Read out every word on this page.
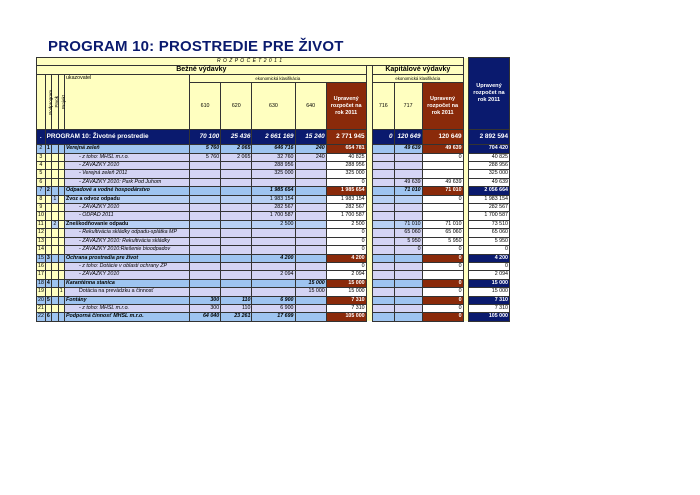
PROGRAM 10: PROSTREDIE PRE ŽIVOT
R O Z P O Č E T 2 0 1 1															Upravený rozpočet na rok 2011
Bežné výdavky											Kapitálové výdavky				

	Podprogram	Prvok	Projekt	ukazovatel	ekonomická klasifikácia						ekonomická klasifikácia				
					610	620	630	640	Upravený rozpočet na rok 2011		716	717	Upravený rozpočet na rok 2011		
.	PROGRAM 10: Životné prostredie				70 100	25 436	2 661 169	15 240	2 771 945		0	120 649	120 649		2 892 594
2	1			Verejná zeleň	5 760	2 065	646 716	240	654 781			49 639	49 639		704 420
3				- z toho: MHSL m.r.o.	5 760	2 065	32 760	240	40 825				0		40 825
4				- ZÁVAZKY 2010			288 956		288 956						288 956
5				- Verejná zeleň 2011			325 000		325 000						325 000
6				- ZÁVAZKY 2010: Park Pod Juhom					0			49 639	49 639		49 639
7	2			Odpadové a vodné hospodárstvo			1 985 654		1 985 654			71 010	71 010		2 056 664
8		1		Zvoz a odvoz odpadu			1 983 154		1 983 154				0		1 983 154
9				- ZÁVAZKY 2010			282 567		282 567						282 567
10				- ODPAD 2011			1 700 587		1 700 587						1 700 587
11		2		Zneškodňovanie odpadu			2 500		2 500			71 010	71 010		73 510
12				- Rekultivácia skládky odpadu-splátka MP					0			65 060	65 060		65 060
13				- ZÁVAZKY 2010: Rekultivácia skládky					0			5 950	5 950		5 950
14				- ZÁVAZKY 2010:Riešenie bioodpadov					0			0	0		0
15	3			Ochrana prostredia pre život			4 200		4 200				0		4 200
16				- z toho: Dotácie v oblasti ochrany ŽP					0				0		0
17				- ZÁVAZKY 2010			2 094		2 094						2 094
18	4			Karanténna stanica				15 000	15 000				0		15 000
19			1	Dotácia na prevádzku a činnosť				15 000	15 000				0		15 000
20	5			Fontány	300	110	6 900		7 310				0		7 310
21				- z toho: MHSL m.r.o.	300	110	6 900		7 310				0		7 310
22	6			Podporná činnosť MHSL m.r.o.	64 040	23 261	17 699		105 000				0		105 000
